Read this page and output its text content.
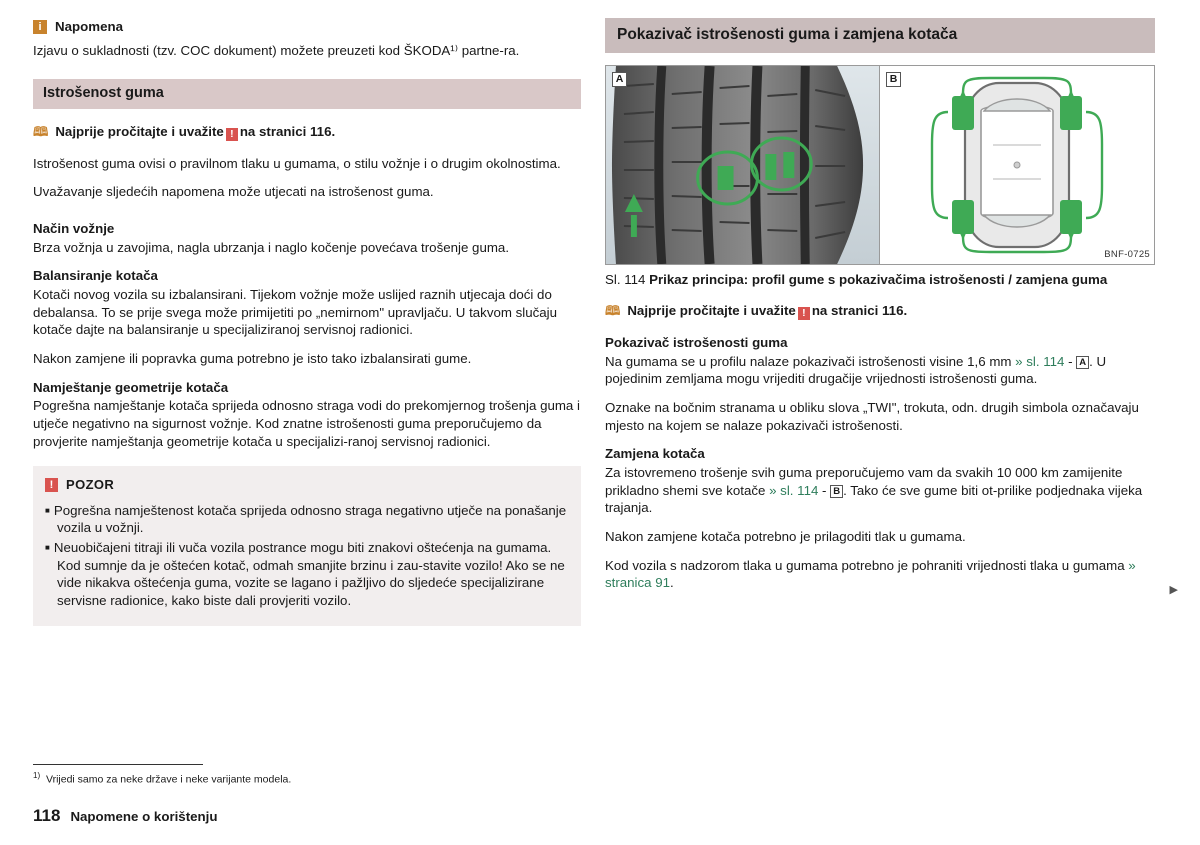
i	Napomena

Izjavu o sukladnosti (tzv. COC dokument) možete preuzeti kod ŠKODA¹⁾ partne-ra.

Istrošenost guma
🕮 Najprije pročitajte i uvažite ! na stranici 116.

Istrošenost guma ovisi o pravilnom tlaku u gumama, o stilu vožnje i o drugim okolnostima.

Uvažavanje sljedećih napomena može utjecati na istrošenost guma.

Način vožnje

Brza vožnja u zavojima, nagla ubrzanja i naglo kočenje povećava trošenje guma.

Balansiranje kotača

Kotači novog vozila su izbalansirani. Tijekom vožnje može uslijed raznih utjecaja doći do debalansa. To se prije svega može primijetiti po „nemirnom" upravljaču. U takvom slučaju kotače dajte na balansiranje u specijaliziranoj servisnoj radionici.

Nakon zamjene ili popravka guma potrebno je isto tako izbalansirati gume.

Namještanje geometrije kotača

Pogrešna namještanje kotača sprijeda odnosno straga vodi do prekomjernog trošenja guma i utječe negativno na sigurnost vožnje. Kod znatne istrošenosti guma preporučujemo da provjerite namještanja geometrije kotača u specijalizi-ranoj servisnoj radionici.

! POZOR

■ Pogrešna namještenost kotača sprijeda odnosno straga negativno utječe na ponašanje vozila u vožnji.

■ Neuobičajeni titraji ili vuča vozila postrance mogu biti znakovi oštećenja na gumama. Kod sumnje da je oštećen kotač, odmah smanjite brzinu i zau-stavite vozilo! Ako se ne vide nikakva oštećenja guma, vozite se lagano i pažljivo do sljedeće specijalizirane servisne radionice, kako biste dali provjeriti vozilo.

Pokazivač istrošenosti guma i zamjena kotača
A	B
BNF-0725
Sl. 114 Prikaz principa: profil gume s pokazivačima istrošenosti / zamjena guma
🕮 Najprije pročitajte i uvažite ! na stranici 116.
Pokazivač istrošenosti guma

Na gumama se u profilu nalaze pokazivači istrošenosti visine 1,6 mm » sl. 114 - A . U pojedinim zemljama mogu vrijediti drugačije vrijednosti istrošenosti guma.

Oznake na bočnim stranama u obliku slova „TWI", trokuta, odn. drugih simbola označavaju mjesto na kojem se nalaze pokazivači istrošenosti.

Zamjena kotača

Za istovremeno trošenje svih guma preporučujemo vam da svakih 10 000 km zamijenite prikladno shemi sve kotače » sl. 114 - B . Tako će sve gume biti ot-prilike podjednaka vijeka trajanja.

Nakon zamjene kotača potrebno je prilagoditi tlak u gumama.

Kod vozila s nadzorom tlaka u gumama potrebno je pohraniti vrijednosti tlaka u gumama » stranica 91.	▶
$^{1)}$ Vrijedi samo za neke države i neke varijante modela.
118 Napomene o korištenju
